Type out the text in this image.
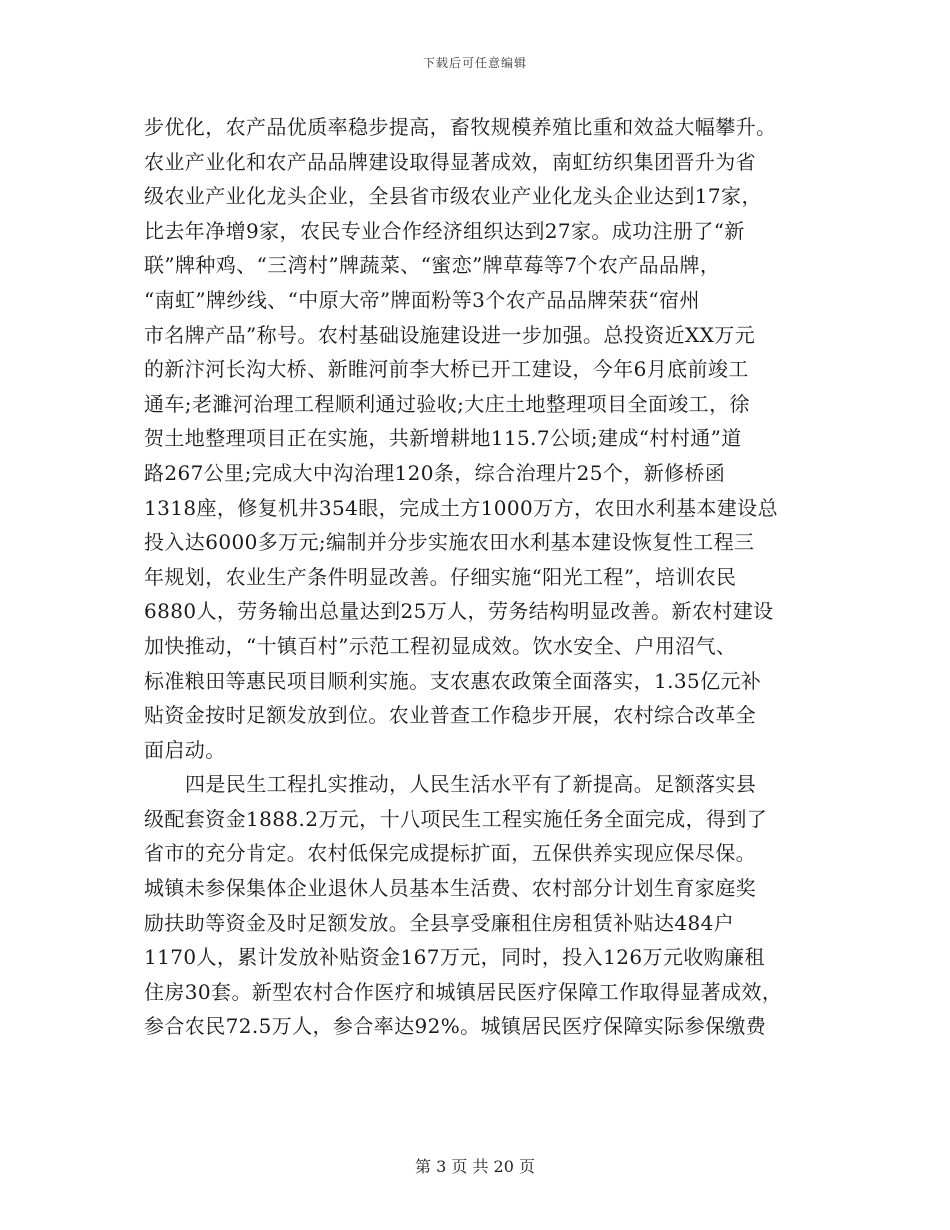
下载后可任意编辑
步优化，农产品优质率稳步提高，畜牧规模养殖比重和效益大幅攀升。
农业产业化和农产品品牌建设取得显著成效，南虹纺织集团晋升为省
级农业产业化龙头企业，全县省市级农业产业化龙头企业达到17家，
比去年净增9家，农民专业合作经济组织达到27家。成功注册了“新
联”牌种鸡、“三湾村”牌蔬菜、“蜜恋”牌草莓等7个农产品品牌，
“南虹”牌纱线、“中原大帝”牌面粉等3个农产品品牌荣获“宿州
市名牌产品”称号。农村基础设施建设进一步加强。总投资近XX万元
的新汴河长沟大桥、新睢河前李大桥已开工建设，今年6月底前竣工
通车;老濉河治理工程顺利通过验收;大庄土地整理项目全面竣工，徐
贺土地整理项目正在实施，共新增耕地115.7公顷;建成“村村通”道
路267公里;完成大中沟治理120条，综合治理片25个，新修桥函
1318座，修复机井354眼，完成土方1000万方，农田水利基本建设总
投入达6000多万元;编制并分步实施农田水利基本建设恢复性工程三
年规划，农业生产条件明显改善。仔细实施“阳光工程”，培训农民
6880人，劳务输出总量达到25万人，劳务结构明显改善。新农村建设
加快推动，“十镇百村”示范工程初显成效。饮水安全、户用沼气、
标准粮田等惠民项目顺利实施。支农惠农政策全面落实，1.35亿元补
贴资金按时足额发放到位。农业普查工作稳步开展，农村综合改革全
面启动。
四是民生工程扎实推动，人民生活水平有了新提高。足额落实县
级配套资金1888.2万元，十八项民生工程实施任务全面完成，得到了
省市的充分肯定。农村低保完成提标扩面，五保供养实现应保尽保。
城镇未参保集体企业退休人员基本生活费、农村部分计划生育家庭奖
励扶助等资金及时足额发放。全县享受廉租住房租赁补贴达484户
1170人，累计发放补贴资金167万元，同时，投入126万元收购廉租
住房30套。新型农村合作医疗和城镇居民医疗保障工作取得显著成效，
参合农民72.5万人，参合率达92%。城镇居民医疗保障实际参保缴费
第 3 页 共 20 页
